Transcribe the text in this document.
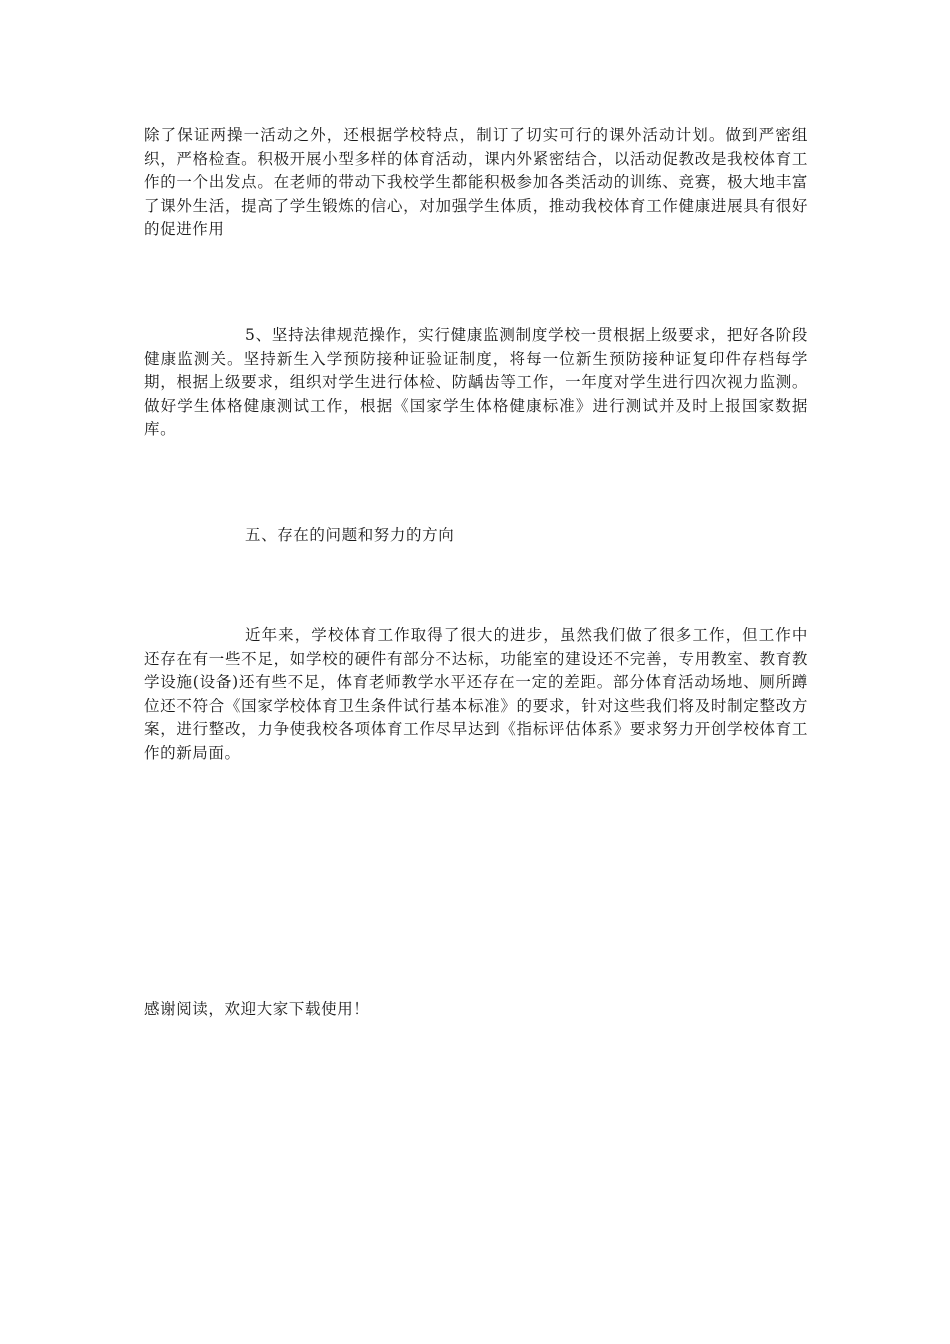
除了保证两操一活动之外，还根据学校特点，制订了切实可行的课外活动计划。做到严密组织，严格检查。积极开展小型多样的体育活动，课内外紧密结合，以活动促教改是我校体育工作的一个出发点。在老师的带动下我校学生都能积极参加各类活动的训练、竞赛，极大地丰富了课外生活，提高了学生锻炼的信心，对加强学生体质，推动我校体育工作健康进展具有很好的促进作用

5、坚持法律规范操作，实行健康监测制度学校一贯根据上级要求，把好各阶段健康监测关。坚持新生入学预防接种证验证制度，将每一位新生预防接种证复印件存档每学期，根据上级要求，组织对学生进行体检、防龋齿等工作，一年度对学生进行四次视力监测。做好学生体格健康测试工作，根据《国家学生体格健康标准》进行测试并及时上报国家数据库。

五、存在的问题和努力的方向

近年来，学校体育工作取得了很大的进步，虽然我们做了很多工作，但工作中还存在有一些不足，如学校的硬件有部分不达标，功能室的建设还不完善，专用教室、教育教学设施(设备)还有些不足，体育老师教学水平还存在一定的差距。部分体育活动场地、厕所蹲位还不符合《国家学校体育卫生条件试行基本标准》的要求，针对这些我们将及时制定整改方案，进行整改，力争使我校各项体育工作尽早达到《指标评估体系》要求努力开创学校体育工作的新局面。

感谢阅读，欢迎大家下载使用！
